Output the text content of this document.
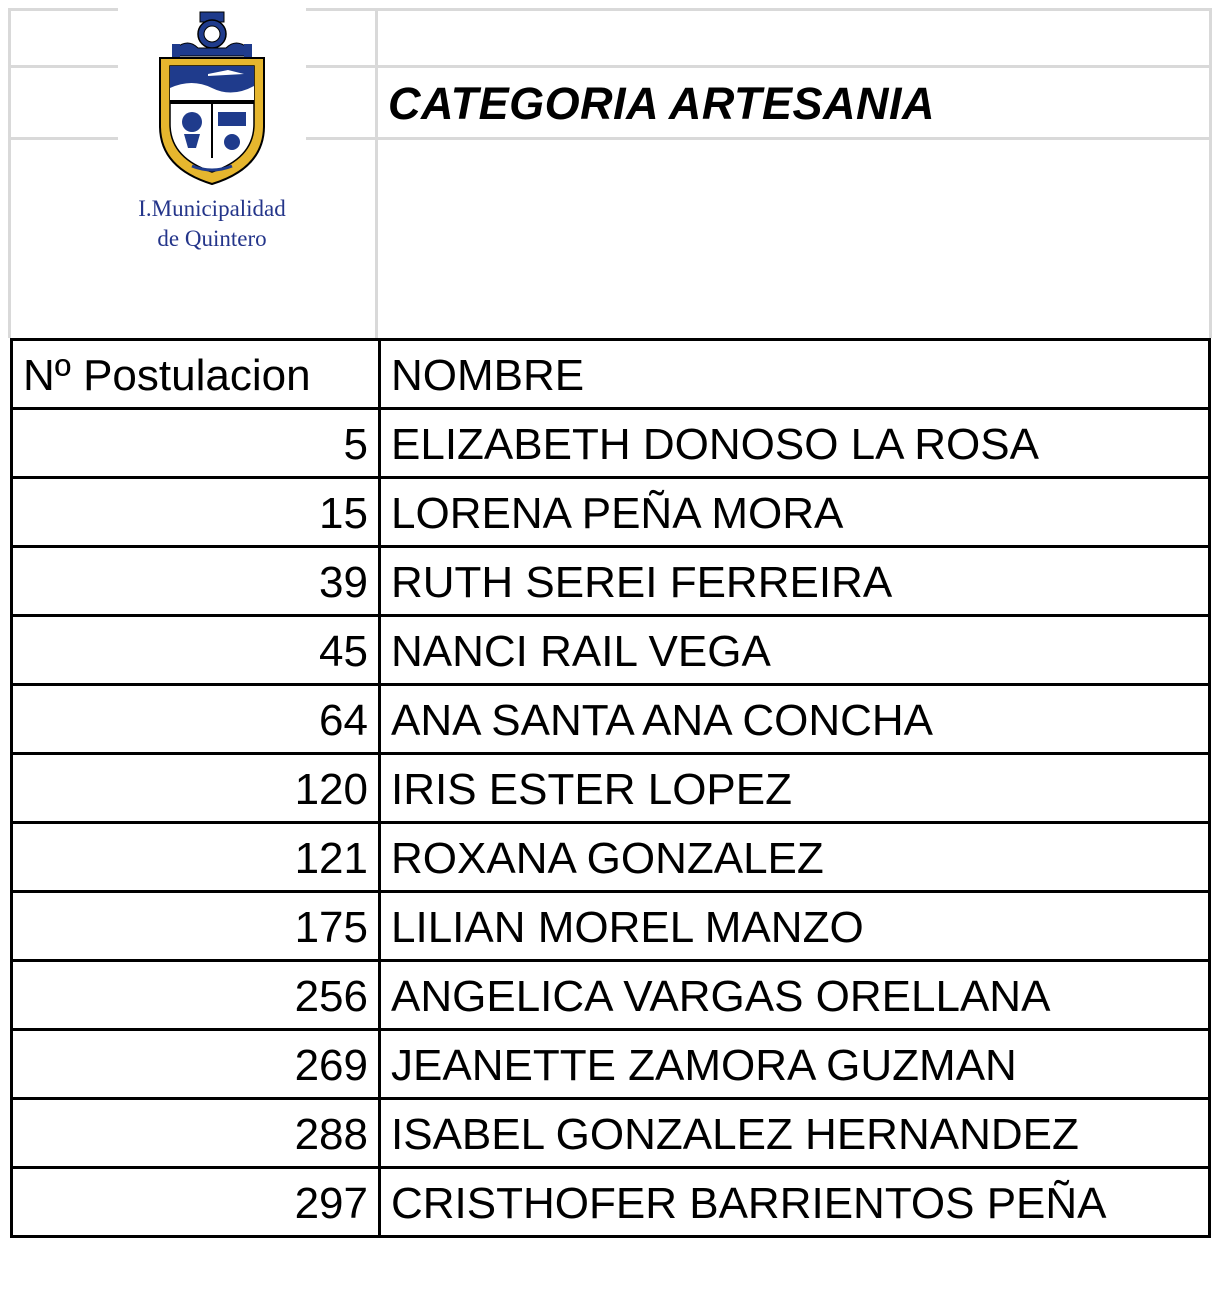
I.Municipalidad
de Quintero
CATEGORIA ARTESANIA
Nº Postulacion	NOMBRE
5	ELIZABETH DONOSO LA ROSA
15	LORENA PEÑA MORA
39	RUTH SEREI FERREIRA
45	NANCI RAIL VEGA
64	ANA SANTA ANA CONCHA
120	IRIS ESTER LOPEZ
121	ROXANA GONZALEZ
175	LILIAN MOREL MANZO
256	ANGELICA VARGAS ORELLANA
269	JEANETTE ZAMORA GUZMAN
288	ISABEL GONZALEZ HERNANDEZ
297	CRISTHOFER BARRIENTOS PEÑA
